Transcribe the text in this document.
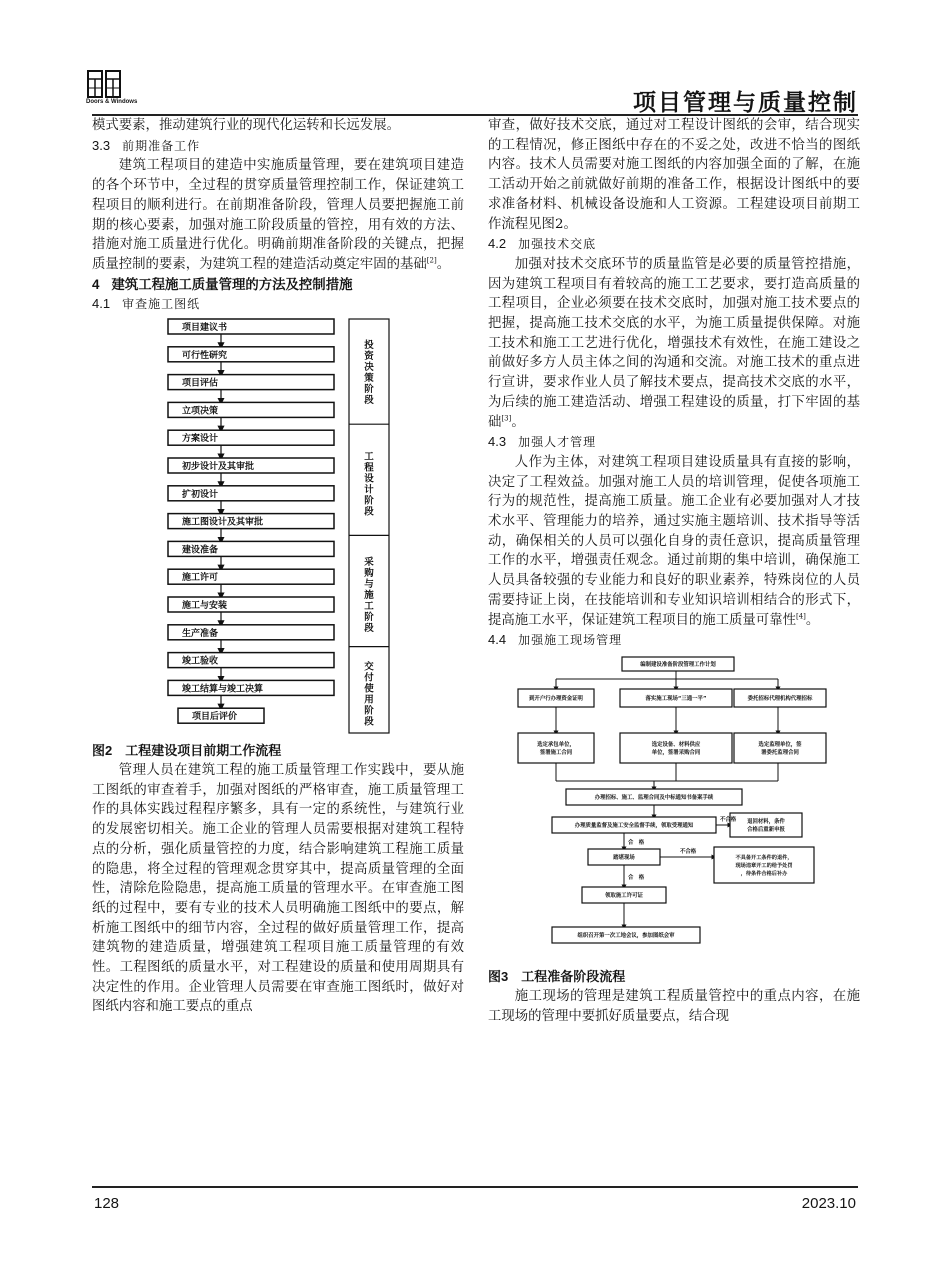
Doors & Windows	项目管理与质量控制

模式要素，推动建筑行业的现代化运转和长远发展。

3.3 前期准备工作

建筑工程项目的建造中实施质量管理，要在建筑项目建造的各个环节中，全过程的贯穿质量管理控制工作，保证建筑工程项目的顺利进行。在前期准备阶段，管理人员要把握施工前期的核心要素，加强对施工阶段质量的管控，用有效的方法、措施对施工质量进行优化。明确前期准备阶段的关键点，把握质量控制的要素，为建筑工程的建造活动奠定牢固的基础[2]。

4 建筑工程施工质量管理的方法及控制措施
4.1 审查施工图纸
项目建议书
可行性研究
项目评估
立项决策
方案设计
初步设计及其审批
扩初设计
施工图设计及其审批
建设准备
施工许可
施工与安装
生产准备
竣工验收
竣工结算与竣工决算
项目后评价
投资决策阶段
工程设计阶段
采购与施工阶段
交付使用阶段

图2　工程建设项目前期工作流程

管理人员在建筑工程的施工质量管理工作实践中，要从施工图纸的审查着手，加强对图纸的严格审查，施工质量管理工作的具体实践过程程序繁多，具有一定的系统性，与建筑行业的发展密切相关。施工企业的管理人员需要根据对建筑工程特点的分析，强化质量管控的力度，结合影响建筑工程施工质量的隐患，将全过程的管理观念贯穿其中，提高质量管理的全面性，清除危险隐患，提高施工质量的管理水平。在审查施工图纸的过程中，要有专业的技术人员明确施工图纸中的要点，解析施工图纸中的细节内容，全过程的做好质量管理工作，提高建筑物的建造质量，增强建筑工程项目施工质量管理的有效性。工程图纸的质量水平，对工程建设的质量和使用周期具有决定性的作用。企业管理人员需要在审查施工图纸时，做好对图纸内容和施工要点的重点

审查，做好技术交底，通过对工程设计图纸的会审，结合现实的工程情况，修正图纸中存在的不妥之处，改进不恰当的图纸内容。技术人员需要对施工图纸的内容加强全面的了解，在施工活动开始之前就做好前期的准备工作，根据设计图纸中的要求准备材料、机械设备设施和人工资源。工程建设项目前期工作流程见图2。

4.2 加强技术交底

加强对技术交底环节的质量监管是必要的质量管控措施，因为建筑工程项目有着较高的施工工艺要求，要打造高质量的工程项目，企业必须要在技术交底时，加强对施工技术要点的把握，提高施工技术交底的水平，为施工质量提供保障。对施工技术和施工工艺进行优化，增强技术有效性，在施工建设之前做好多方人员主体之间的沟通和交流。对施工技术的重点进行宣讲，要求作业人员了解技术要点，提高技术交底的水平，为后续的施工建造活动、增强工程建设的质量，打下牢固的基础[3]。

4.3 加强人才管理

人作为主体，对建筑工程项目建设质量具有直接的影响，决定了工程效益。加强对施工人员的培训管理，促使各项施工行为的规范性，提高施工质量。施工企业有必要加强对人才技术水平、管理能力的培养，通过实施主题培训、技术指导等活动，确保相关的人员可以强化自身的责任意识，提高质量管理工作的水平，增强责任观念。通过前期的集中培训，确保施工人员具备较强的专业能力和良好的职业素养，特殊岗位的人员需要持证上岗，在技能培训和专业知识培训相结合的形式下，提高施工水平，保证建筑工程项目的施工质量可靠性[4]。

4.4 加强施工现场管理
编制建设准备阶段管理工作计划
到开户行办理资金证明	落实施工现场“三通一平”	委托招标代理机构代理招标
选定承包单位，签署施工合同
选定设备、材料供应单位，签署采购合同
选定监理单位，签署委托监理合同
办理招标、施工、监理合同及中标通知书备案手续
办理质量监督及施工安全监督手续，领取受理通知
退回材料，条件合格后重新申报
不合格
踏堪现场
不合格
不具备开工条件的退件，现场违章开工的给予处罚，待条件合格后补办
合　格
合　格
领取施工许可证
组织召开第一次工地会议，参加图纸会审

图3　工程准备阶段流程

施工现场的管理是建筑工程质量管控中的重点内容，在施工现场的管理中要抓好质量要点，结合现

128	2023.10
